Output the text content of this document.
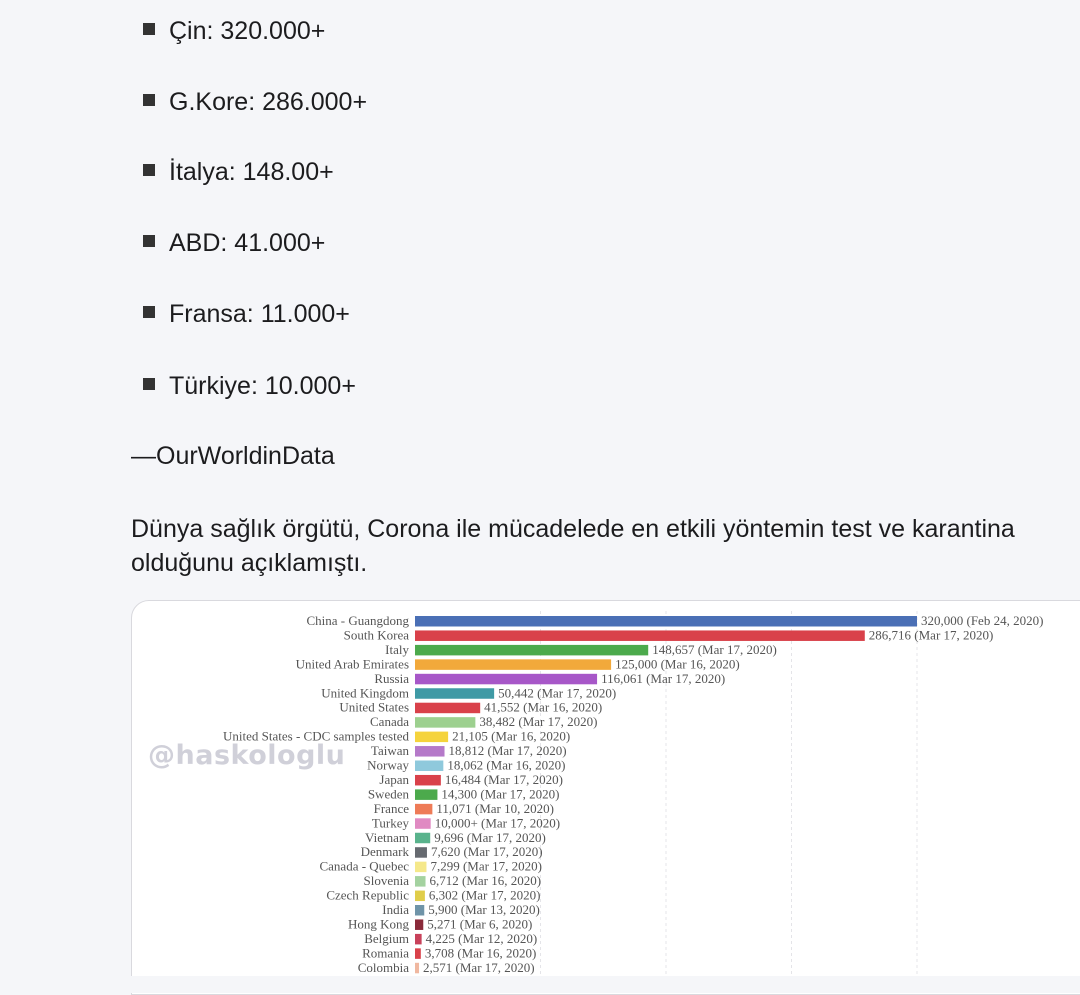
Çin: 320.000+
G.Kore: 286.000+
İtalya: 148.00+
ABD: 41.000+
Fransa: 11.000+
Türkiye: 10.000+
—OurWorldinData
Dünya sağlık örgütü, Corona ile mücadelede en etkili yöntemin test ve karantina olduğunu açıklamıştı.
China - Guangdong	320,000 (Feb 24, 2020)
South Korea	286,716 (Mar 17, 2020)
Italy	148,657 (Mar 17, 2020)
United Arab Emirates	125,000 (Mar 16, 2020)
Russia	116,061 (Mar 17, 2020)
United Kingdom	50,442 (Mar 17, 2020)
United States	41,552 (Mar 16, 2020)
Canada	38,482 (Mar 17, 2020)
United States - CDC samples tested	21,105 (Mar 16, 2020)
Taiwan	18,812 (Mar 17, 2020)
Norway	18,062 (Mar 16, 2020)
Japan	16,484 (Mar 17, 2020)
Sweden 14,300 (Mar 17, 2020)
France 11,071 (Mar 10, 2020)
Turkey 10,000+ (Mar 17, 2020)
Vietnam 9,696 (Mar 17, 2020)
Denmark 7,620 (Mar 17, 2020)
Canada - Quebec 7,299 (Mar 17, 2020)
Slovenia 6,712 (Mar 16, 2020)
Czech Republic 6,302 (Mar 17, 2020)
India 5,900 (Mar 13, 2020)
Hong Kong 5,271 (Mar 6, 2020)
Belgium 4,225 (Mar 12, 2020)
Romania 3,708 (Mar 16, 2020)
Colombia 2,571 (Mar 17, 2020)
@haskologlu
